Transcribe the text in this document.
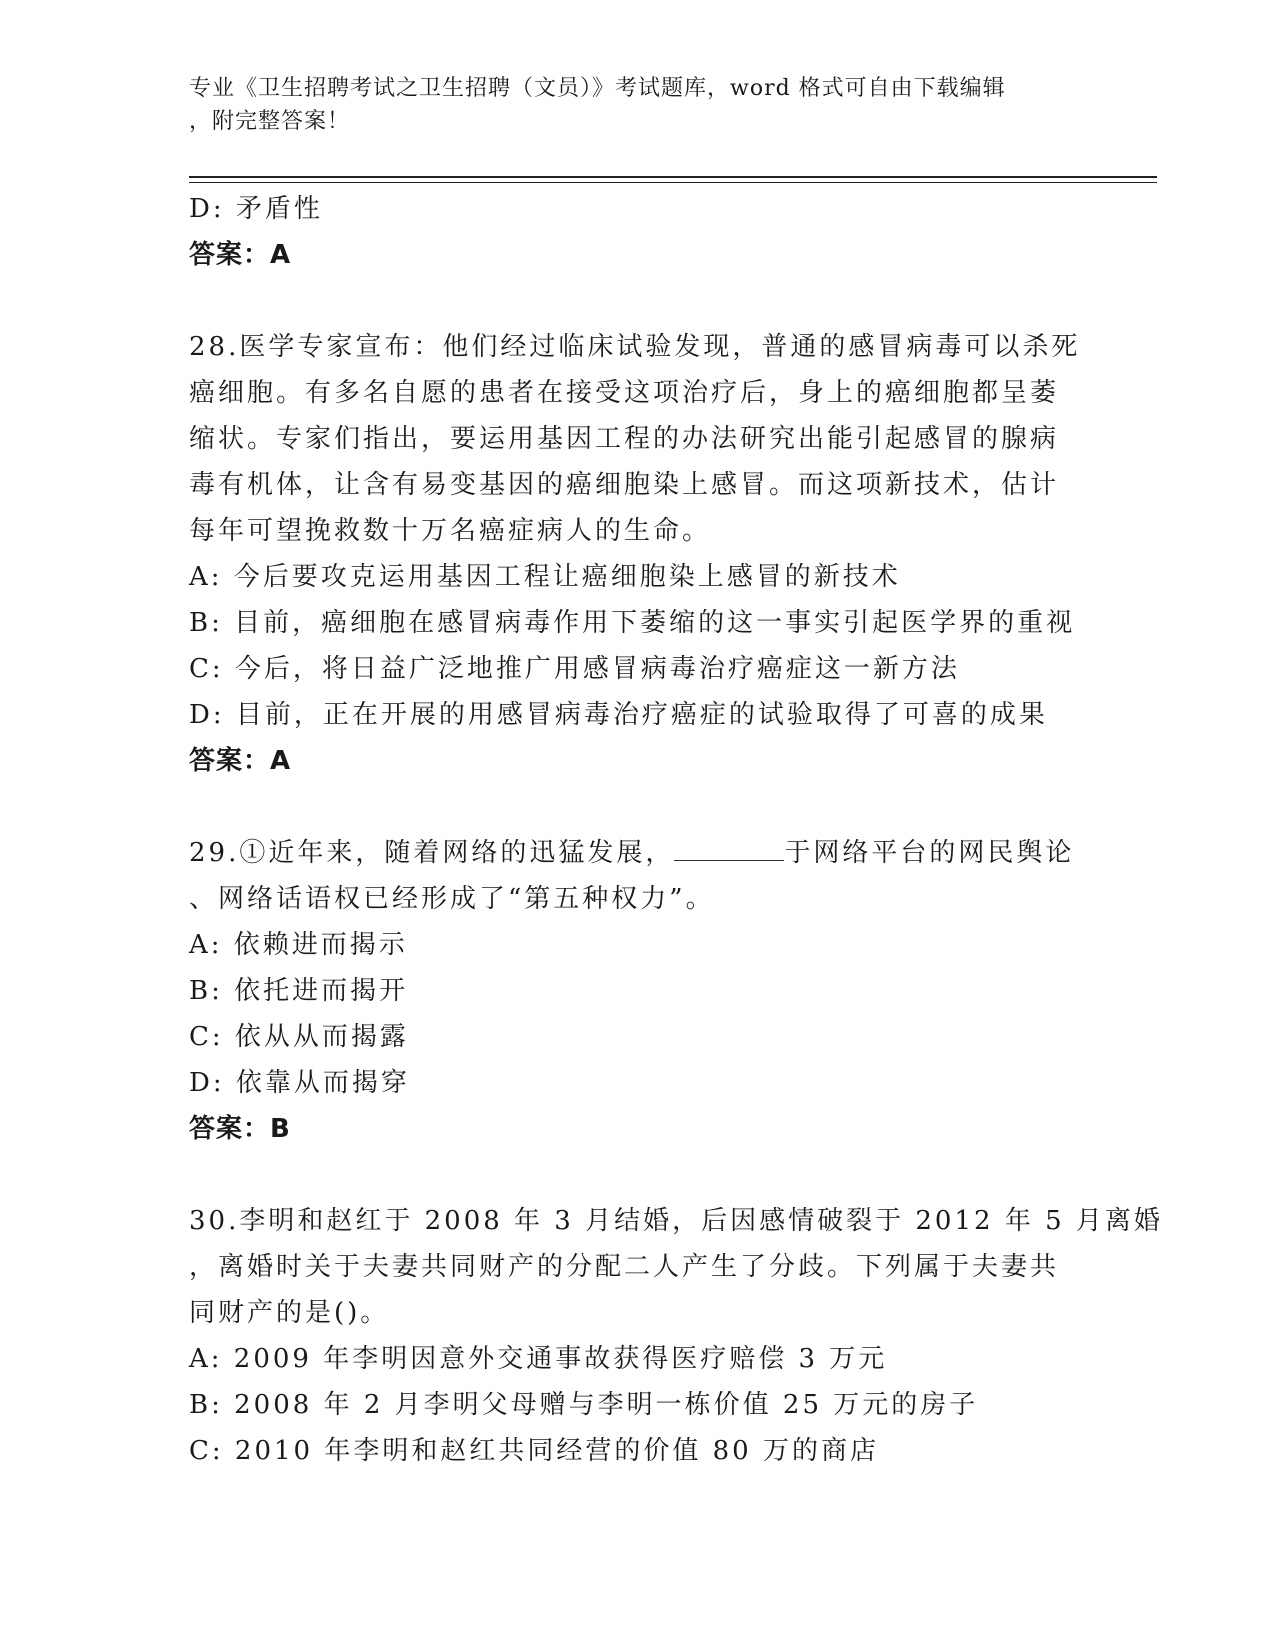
专业《卫生招聘考试之卫生招聘（文员）》考试题库，word 格式可自由下载编辑
，附完整答案！
D: 矛盾性
答案：A
28.医学专家宣布：他们经过临床试验发现，普通的感冒病毒可以杀死
癌细胞。有多名自愿的患者在接受这项治疗后，身上的癌细胞都呈萎
缩状。专家们指出，要运用基因工程的办法研究出能引起感冒的腺病
毒有机体，让含有易变基因的癌细胞染上感冒。而这项新技术，估计
每年可望挽救数十万名癌症病人的生命。
A: 今后要攻克运用基因工程让癌细胞染上感冒的新技术
B: 目前，癌细胞在感冒病毒作用下萎缩的这一事实引起医学界的重视
C: 今后，将日益广泛地推广用感冒病毒治疗癌症这一新方法
D: 目前，正在开展的用感冒病毒治疗癌症的试验取得了可喜的成果
答案：A
29.①近年来，随着网络的迅猛发展，	于网络平台的网民舆论
、网络话语权已经形成了“第五种权力”。
A: 依赖进而揭示
B: 依托进而揭开
C: 依从从而揭露
D: 依靠从而揭穿
答案：B
30.李明和赵红于 2008 年 3 月结婚，后因感情破裂于 2012 年 5 月离婚
，离婚时关于夫妻共同财产的分配二人产生了分歧。下列属于夫妻共
同财产的是()。
A: 2009 年李明因意外交通事故获得医疗赔偿 3 万元
B: 2008 年 2 月李明父母赠与李明一栋价值 25 万元的房子
C: 2010 年李明和赵红共同经营的价值 80 万的商店
